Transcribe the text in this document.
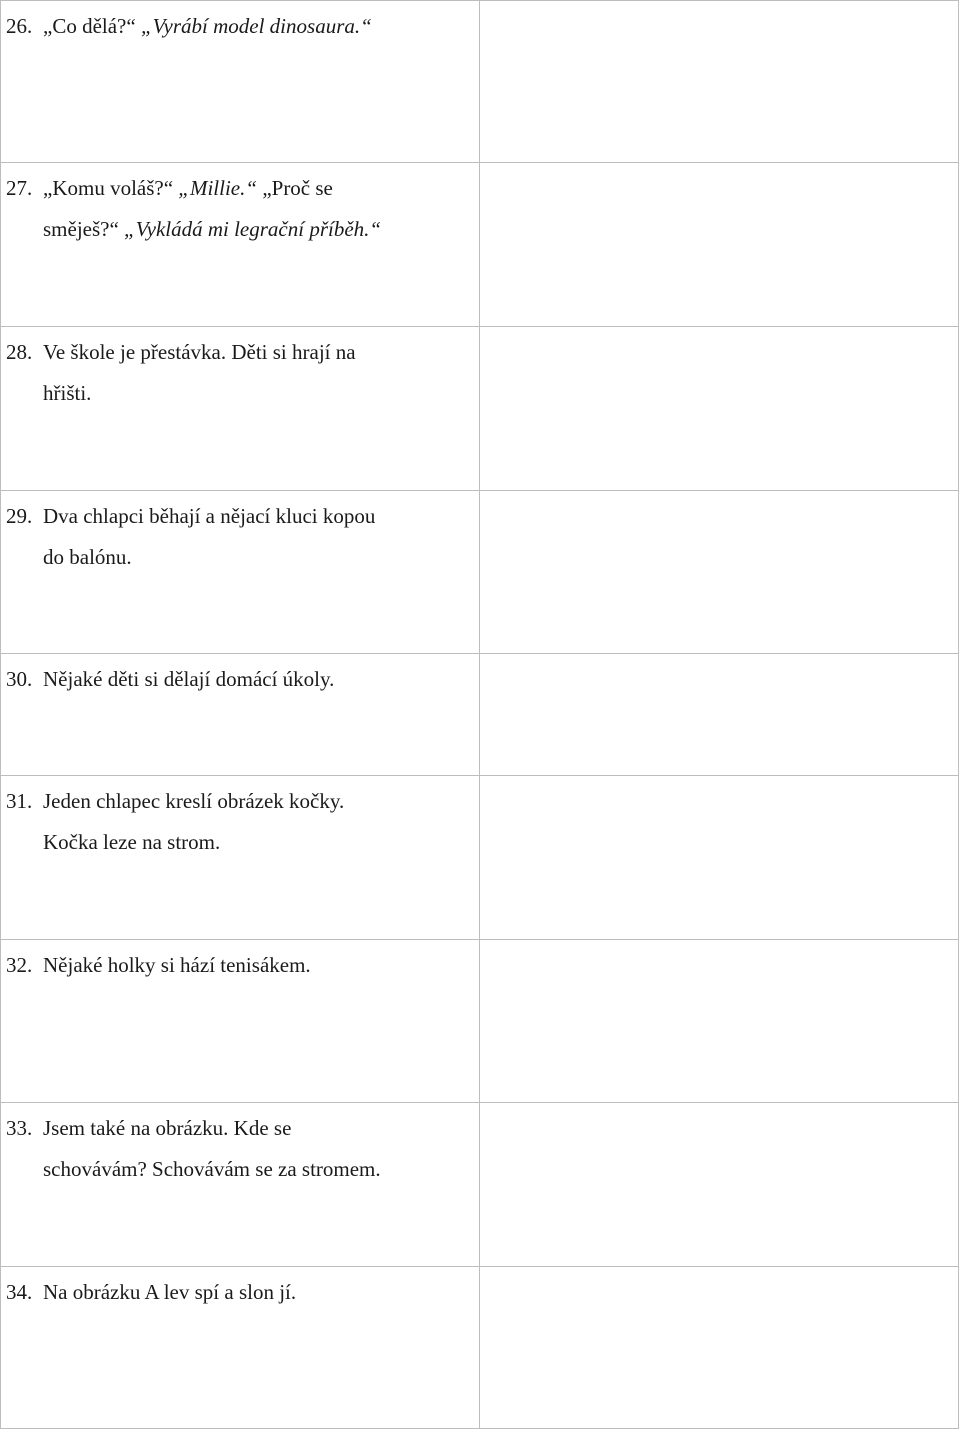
26. „Co dělá?“ „Vyrábí model dinosaura.“	
27. „Komu voláš?“ „Millie.“ „Proč se
směješ?“ „Vykládá mi legrační příběh.“	
28. Ve škole je přestávka. Děti si hrají na
hřišti.	
29. Dva chlapci běhají a nějací kluci kopou
do balónu.	
30. Nějaké děti si dělají domácí úkoly.	
31. Jeden chlapec kreslí obrázek kočky.
Kočka leze na strom.	
32. Nějaké holky si hází tenisákem.	
33. Jsem také na obrázku. Kde se
schovávám? Schovávám se za stromem.	
34. Na obrázku A lev spí a slon jí.	
